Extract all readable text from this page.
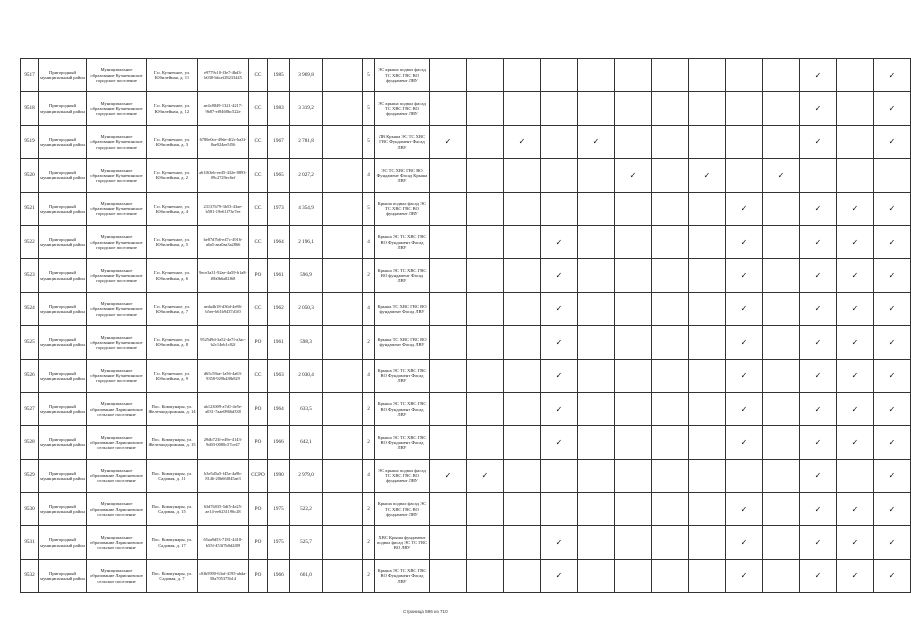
9517	Пригородный муниципальный район	Муниципальное образование Кузнечинское городское поселение	Г.п. Кузнечное, ул. Юбилейная, д. 11	e9779c10-f3e7-4bd3-b038-bbcef28233445	СС	1985	3 969,8		5	ЭС крыша подвал фасад ТС ХВС ГВС ВО фундамент ЛВУ											✓		✓
9518	Пригородный муниципальный район	Муниципальное образование Кузнечинское городское поселение	Г.п. Кузнечное, ул. Юбилейная, д. 12	ae4c8849-1321-4217-9b87-ef8468bc522e	СС	1983	3 319,2		5	ЭС крыша подвал фасад ТС ХВС ГВС ВО фундамент ЛВУ											✓		✓
9519	Пригородный муниципальный район	Муниципальное образование Кузнечинское городское поселение	Г.п. Кузнечное, ул. Юбилейная, д. 3	6780e0ce-49de-4f2c-ba3f-8ae924ee5f56	СС	1967	2 781,8		5	ЛВ Крыша ЭС ТС ХВС ГВС Фундамент Фасад ЛВУ	✓		✓		✓						✓		✓
9520	Пригородный муниципальный район	Муниципальное образование Кузнечинское городское поселение	Г.п. Кузнечное, ул. Юбилейная, д. 2	a61f63eb-ee45-432e-8893-09c2729ec6ef	СС	1965	2 027,2		4	ЭС ТС ХВС ГВС ВО Фундамент Фасад Крыша ЛВУ						✓		✓		✓			
9521	Пригородный муниципальный район	Муниципальное образование Кузнечинское городское поселение	Г.п. Кузнечное, ул. Юбилейная, д. 4	23137b79-3b53-43ae-b581-19e61f73e7ee	СС	1973	4 354,9		5	Крыша подвал фасад ЭС ТС ХВС ГВС ВО фундамент ЛВУ									✓		✓	✓	✓
9522	Пригородный муниципальный район	Муниципальное образование Кузнечинское городское поселение	Г.п. Кузнечное, ул. Юбилейная, д. 5	be87d7b6-e47c-4916-a6a5-aea0aa3a2866	СС	1964	2 196,1		4	Крыша ЭС ТС ХВС ГВС ВО Фундамент Фасад ЛВУ				✓					✓		✓	✓	✓
9523	Пригородный муниципальный район	Муниципальное образование Кузнечинское городское поселение	Г.п. Кузнечное, ул. Юбилейная, д. 6	9ece3a31-92ae-4a59-b1a8-f0b0b6a82f68	РО	1961	596,9		2	Крыша ЭС ТС ХВС ГВС ВО фундамент Фасад ЛВУ				✓					✓		✓	✓	✓
9524	Пригородный муниципальный район	Муниципальное образование Кузнечинское городское поселение	Г.п. Кузнечное, ул. Юбилейная, д. 7	aeda4b18-d36d-4e86-b5ee-b61b9437d1f0	СС	1962	2 050,3		4	Крыша ТС ХВС ГВС ВО фундамент Фасад ЛВУ				✓					✓		✓	✓	✓
9525	Пригородный муниципальный район	Муниципальное образование Кузнечинское городское поселение	Г.п. Кузнечное, ул. Юбилейная, д. 8	9525d9d-3a52-4e7f-a3ac-b2c14eb1c82f	РО	1961	598,3		2	Крыша ТС ХВС ГВС ВО фундамент Фасад ЛВУ				✓					✓		✓	✓	✓
9526	Пригородный муниципальный район	Муниципальное образование Кузнечинское городское поселение	Г.п. Кузнечное, ул. Юбилейная, д. 9	d65c59ae-1a56-4a63-9358-929b4f0b829	СС	1963	2 030,4		4	Крыша ЭС ТС ХВС ГВС ВО Фундамент Фасад ЛВУ				✓					✓		✓	✓	✓
9527	Пригородный муниципальный район	Муниципальное образование Ларионовское сельское поселение	Пос. Коммунары, ул. Железнодорожная, д. 14	ab123009-a7d1-4e5e-a031-7aae0866d338	РО	1964	633,5		2	Крыша ЭС ТС ХВС ГВС ВО Фундамент Фасад ЛВУ				✓					✓		✓	✓	✓
9528	Пригородный муниципальный район	Муниципальное образование Ларионовское сельское поселение	Пос. Коммунары, ул. Железнодорожная, д. 15	29db723f-e49e-4143-9d03-0080c57ce47	РО	1966	642,1		2	Крыша ЭС ТС ХВС ГВС ВО Фундамент Фасад ЛВУ				✓					✓		✓	✓	✓
9529	Пригородный муниципальный район	Муниципальное образование Ларионовское сельское поселение	Пос. Коммунары, ул. Садовая, д. 11	b3e5d5a5-f45a-4a9b-8146-20b66f845ae3	ССРО	1990	2 979,0		4	ЭС крыша подвал фасад ТС ХВС ГВС ВО фундамент ЛВУ	✓	✓									✓		✓
9530	Пригородный муниципальный район	Муниципальное образование Ларионовское сельское поселение	Пос. Коммунары, ул. Садовая, д. 15	63d76035-5df5-4e25-ae14-ee6231196c28	РО	1975	522,2		2	Крыша подвал фасад ЭС ТС ХВС ГВС ВО фундамент ЛВУ									✓		✓	✓	✓
9531	Пригородный муниципальный район	Муниципальное образование Ларионовское сельское поселение	Пос. Коммунары, ул. Садовая, д. 17	65aa9d53-7181-4418-b55f-453f7b0d2f09	РО	1975	525,7		2	ХВС Крыша фундамент подвал фасад ЭС ТС ГВС ВО ЛВУ				✓					✓		✓	✓	✓
9532	Пригородный муниципальный район	Муниципальное образование Ларионовское сельское поселение	Пос. Коммунары, ул. Садовая, д. 7	c8fb5990-63af-4195-abda-58a705375b14	РО	1966	661,0		2	Крыша ЭС ТС ХВС ГВС ВО Фундамент Фасад ЛВУ				✓					✓		✓	✓	✓
Страница 596 из 710
